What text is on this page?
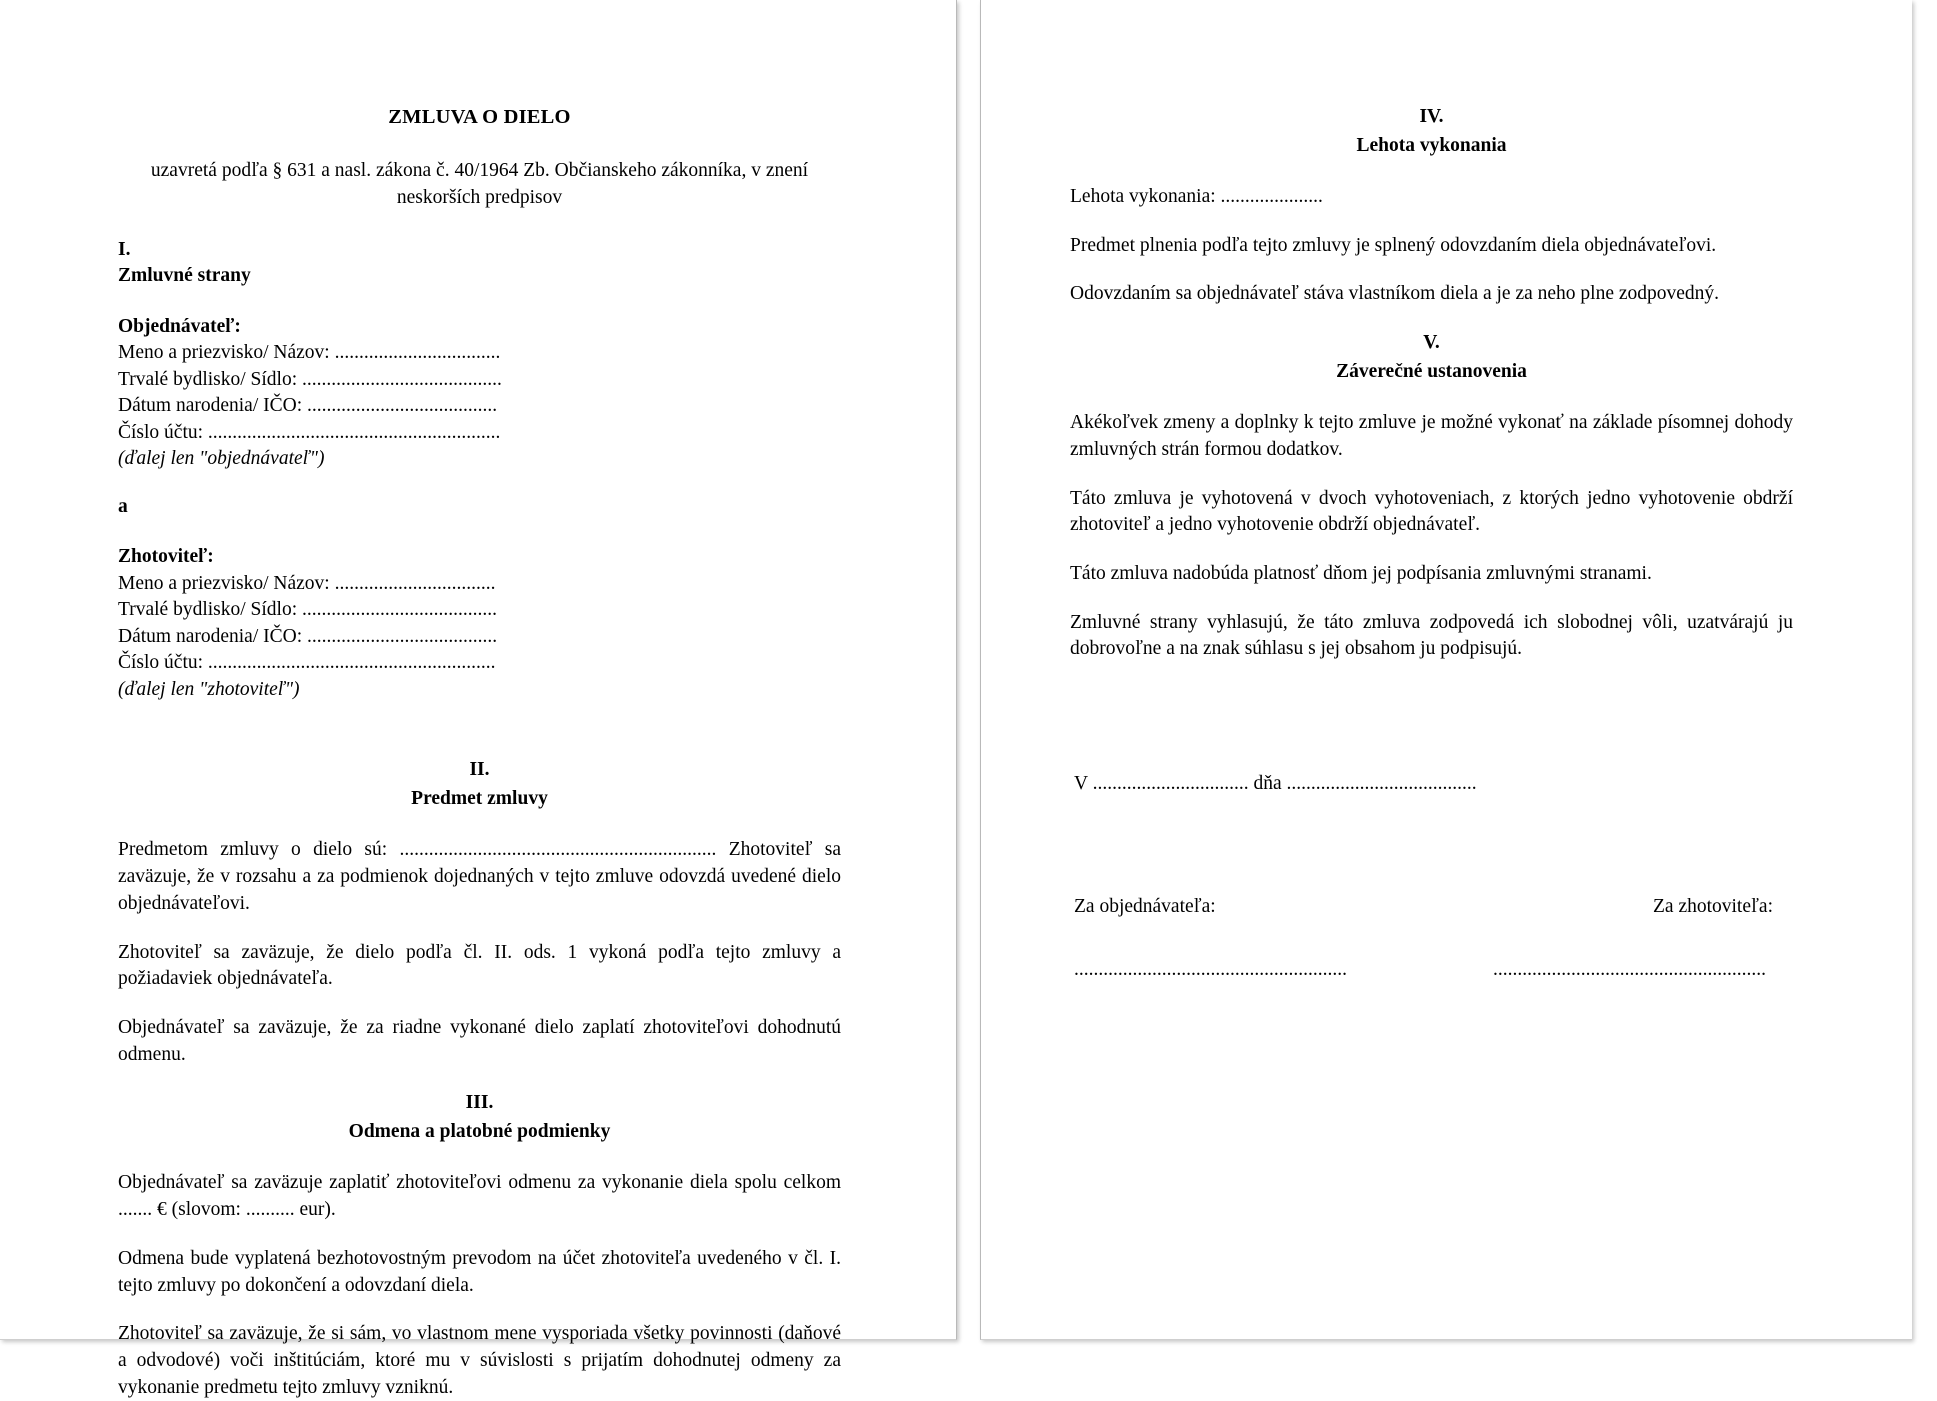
ZMLUVA O DIELO

uzavretá podľa § 631 a nasl. zákona č. 40/1964 Zb. Občianskeho zákonníka, v znení neskorších predpisov

I.

Zmluvné strany

Objednávateľ:

Meno a priezvisko/ Názov: ..................................

Trvalé bydlisko/ Sídlo: .........................................

Dátum narodenia/ IČO: .......................................

Číslo účtu: ............................................................

(ďalej len "objednávateľ")

a

Zhotoviteľ:

Meno a priezvisko/ Názov: .................................

Trvalé bydlisko/ Sídlo: ........................................

Dátum narodenia/ IČO: .......................................

Číslo účtu: ...........................................................

(ďalej len "zhotoviteľ")

II.

Predmet zmluvy

Predmetom zmluvy o dielo sú: ................................................................. Zhotoviteľ sa zaväzuje, že v rozsahu a za podmienok dojednaných v tejto zmluve odovzdá uvedené dielo objednávateľovi.

Zhotoviteľ sa zaväzuje, že dielo podľa čl. II. ods. 1 vykoná podľa tejto zmluvy a požiadaviek objednávateľa.

Objednávateľ sa zaväzuje, že za riadne vykonané dielo zaplatí zhotoviteľovi dohodnutú odmenu.

III.

Odmena a platobné podmienky

Objednávateľ sa zaväzuje zaplatiť zhotoviteľovi odmenu za vykonanie diela spolu celkom ....... € (slovom: .......... eur).

Odmena bude vyplatená bezhotovostným prevodom na účet zhotoviteľa uvedeného v čl. I. tejto zmluvy po dokončení a odovzdaní diela.

Zhotoviteľ sa zaväzuje, že si sám, vo vlastnom mene vysporiada všetky povinnosti (daňové a odvodové) voči inštitúciám, ktoré mu v súvislosti s prijatím dohodnutej odmeny za vykonanie predmetu tejto zmluvy vzniknú.

IV.

Lehota vykonania

Lehota vykonania: .....................

Predmet plnenia podľa tejto zmluvy je splnený odovzdaním diela objednávateľovi.

Odovzdaním sa objednávateľ stáva vlastníkom diela a je za neho plne zodpovedný.

V.

Záverečné ustanovenia

Akékoľvek zmeny a doplnky k tejto zmluve je možné vykonať na základe písomnej dohody zmluvných strán formou dodatkov.

Táto zmluva je vyhotovená v dvoch vyhotoveniach, z ktorých jedno vyhotovenie obdrží zhotoviteľ a jedno vyhotovenie obdrží objednávateľ.

Táto zmluva nadobúda platnosť dňom jej podpísania zmluvnými stranami.

Zmluvné strany vyhlasujú, že táto zmluva zodpovedá ich slobodnej vôli, uzatvárajú ju dobrovoľne a na znak súhlasu s jej obsahom ju podpisujú.

V ................................ dňa .......................................

Za objednávateľa:	Za zhotoviteľa:
........................................................	........................................................
